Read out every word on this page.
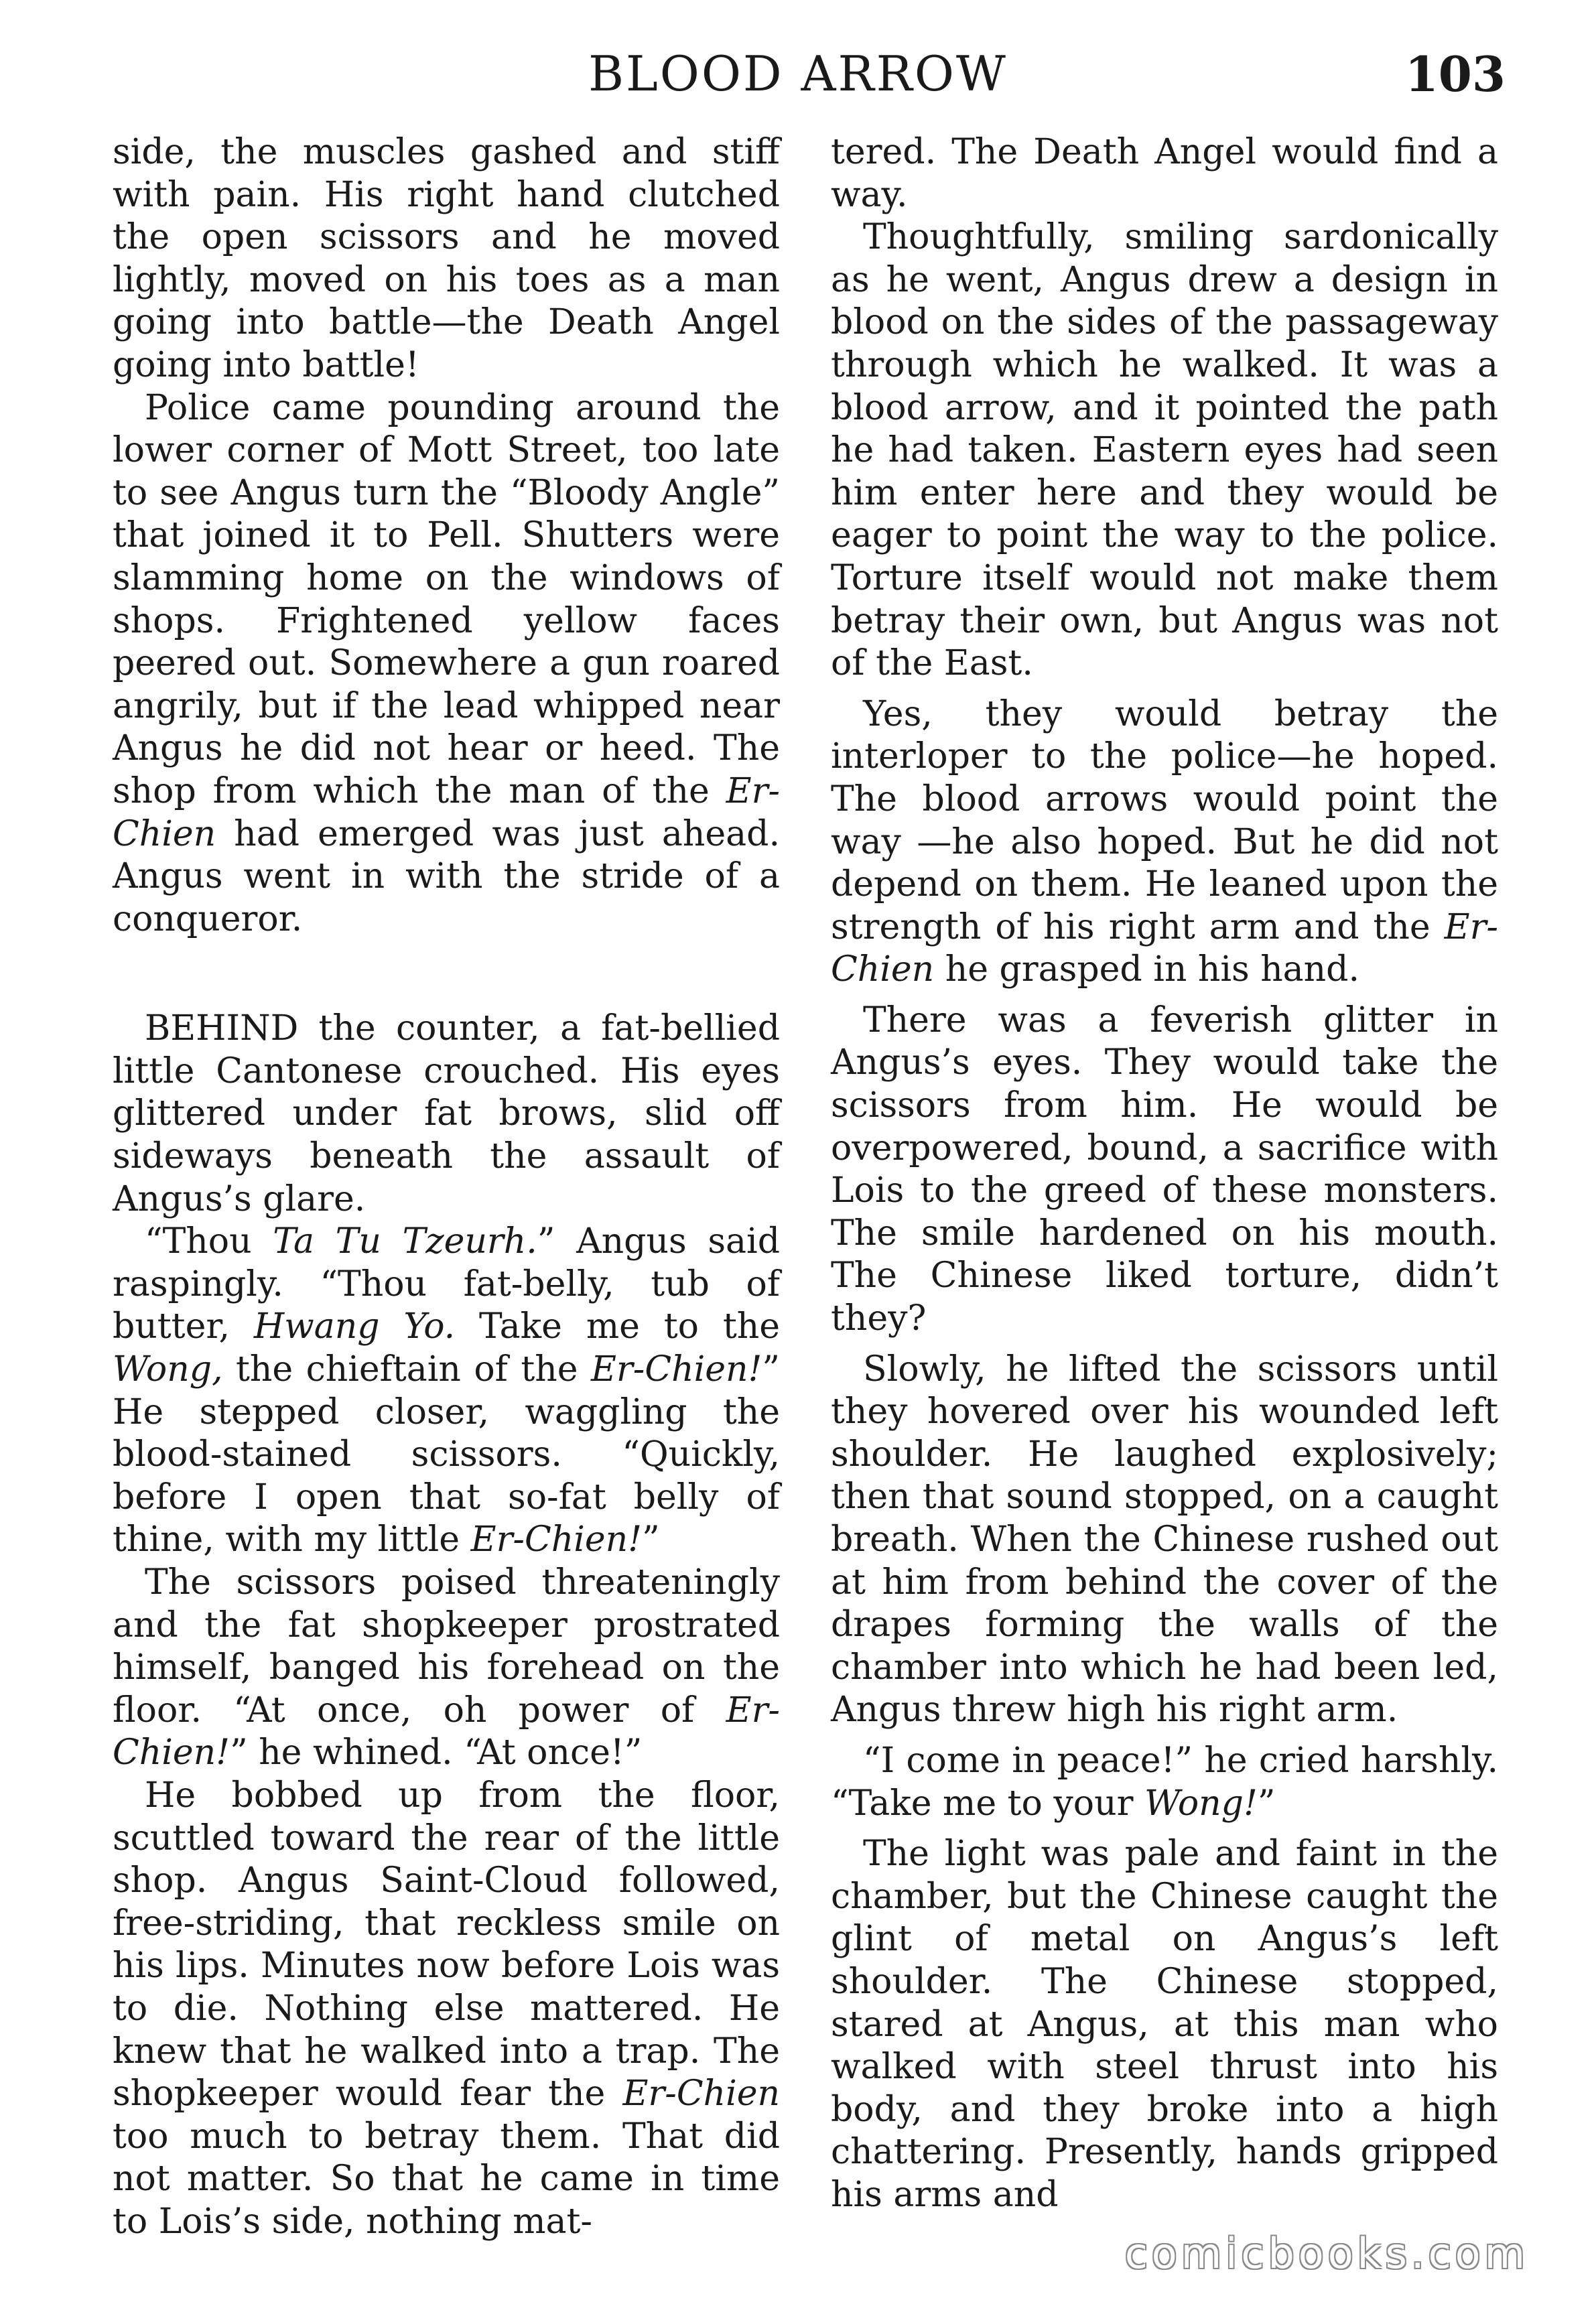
BLOOD ARROW	103

side, the muscles gashed and stiff with pain. His right hand clutched the open scissors and he moved lightly, moved on his toes as a man going into battle—the Death Angel going into battle!

Police came pounding around the lower corner of Mott Street, too late to see Angus turn the “Bloody Angle” that joined it to Pell. Shutters were slamming home on the windows of shops. Frightened yellow faces peered out. Somewhere a gun roared angrily, but if the lead whipped near Angus he did not hear or heed. The shop from which the man of the Er-Chien had emerged was just ahead. Angus went in with the stride of a conqueror.

BEHIND the counter, a fat-bellied little Cantonese crouched. His eyes glittered under fat brows, slid off sideways beneath the assault of Angus’s glare.

“Thou Ta Tu Tzeurh.” Angus said raspingly. “Thou fat-belly, tub of butter, Hwang Yo. Take me to the Wong, the chieftain of the Er-Chien!” He stepped closer, waggling the blood-stained scissors. “Quickly, before I open that so-fat belly of thine, with my little Er-Chien!”

The scissors poised threateningly and the fat shopkeeper prostrated himself, banged his forehead on the floor. “At once, oh power of Er-Chien!” he whined. “At once!”

He bobbed up from the floor, scuttled toward the rear of the little shop. Angus Saint-Cloud followed, free-striding, that reckless smile on his lips. Minutes now before Lois was to die. Nothing else mattered. He knew that he walked into a trap. The shopkeeper would fear the Er-Chien too much to betray them. That did not matter. So that he came in time to Lois’s side, nothing mat-

tered. The Death Angel would find a way.

Thoughtfully, smiling sardonically as he went, Angus drew a design in blood on the sides of the passageway through which he walked. It was a blood arrow, and it pointed the path he had taken. Eastern eyes had seen him enter here and they would be eager to point the way to the police. Torture itself would not make them betray their own, but Angus was not of the East.

Yes, they would betray the interloper to the police—he hoped. The blood arrows would point the way —he also hoped. But he did not depend on them. He leaned upon the strength of his right arm and the Er-Chien he grasped in his hand.

There was a feverish glitter in Angus’s eyes. They would take the scissors from him. He would be overpowered, bound, a sacrifice with Lois to the greed of these monsters. The smile hardened on his mouth. The Chinese liked torture, didn’t they?

Slowly, he lifted the scissors until they hovered over his wounded left shoulder. He laughed explosively; then that sound stopped, on a caught breath. When the Chinese rushed out at him from behind the cover of the drapes forming the walls of the chamber into which he had been led, Angus threw high his right arm.

“I come in peace!” he cried harshly. “Take me to your Wong!”

The light was pale and faint in the chamber, but the Chinese caught the glint of metal on Angus’s left shoulder. The Chinese stopped, stared at Angus, at this man who walked with steel thrust into his body, and they broke into a high chattering. Presently, hands gripped his arms and

comicbooks.com
